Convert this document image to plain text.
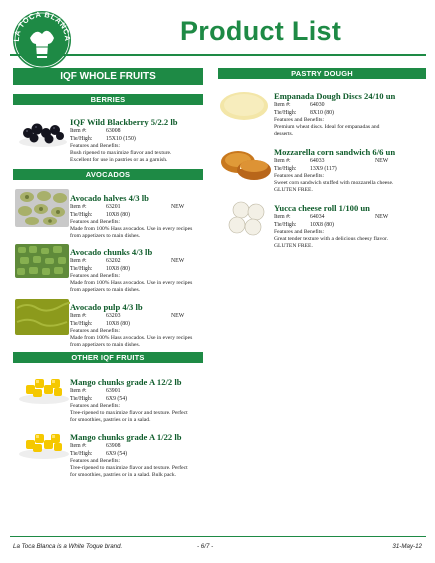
LA TOCA BLANCA	Product List
IQF WHOLE FRUITS
BERRIES
AVOCADOS
OTHER IQF FRUITS
PASTRY DOUGH
IQF Wild Blackberry 5/2.2 lb
Item #:	63008
Tie/High: 15X10 (150)
Features and Benefits:
Bush ripened to maximize flavor and texture.
Excellent for use in pastries or as a garnish.
Avocado halves 4/3 lb
Item #:	63201	NEW
Tie/High: 10X8 (80)
Features and Benefits:
Made from 100% Hass avocados. Use in every recipes
from appetizers to main dishes.
Avocado chunks 4/3 lb
Item #:	63202	NEW
Tie/High: 10X8 (80)
Features and Benefits:
Made from 100% Hass avocados. Use in every recipes
from appetizers to main dishes.
Avocado pulp 4/3 lb
Item #:	63203	NEW
Tie/High: 10X8 (80)
Features and Benefits:
Made from 100% Hass avocados. Use in every recipes
from appetizers to main dishes.
Mango chunks grade A 12/2 lb
Item #:	63901
Tie/High: 6X9 (54)
Features and Benefits:
Tree-ripened to maximize flavor and texture. Perfect
for smoothies, pastries or in a salad.
Mango chunks grade A 1/22 lb
Item #:	63908
Tie/High: 6X9 (54)
Features and Benefits:
Tree-ripened to maximize flavor and texture. Perfect
for smoothies, pastries or in a salad. Bulk pack.
Empanada Dough Discs 24/10 un
Item #:	64030
Tie/High: 8X10 (80)
Features and Benefits:
Premium wheat discs. Ideal for empanadas and
desserts.
Mozzarella corn sandwich 6/6 un
Item #:	64033	NEW
Tie/High: 13X9 (117)
Features and Benefits:
Sweet corn sandwich stuffed with mozzarella cheese.
GLUTEN FREE.
Yucca cheese roll 1/100 un
Item #:	64034	NEW
Tie/High: 10X8 (80)
Features and Benefits:
Great tender texture with a delicious cheesy flavor.
GLUTEN FREE.
La Toca Blanca is a White Toque brand.	- 6/7 -	31-May-12
